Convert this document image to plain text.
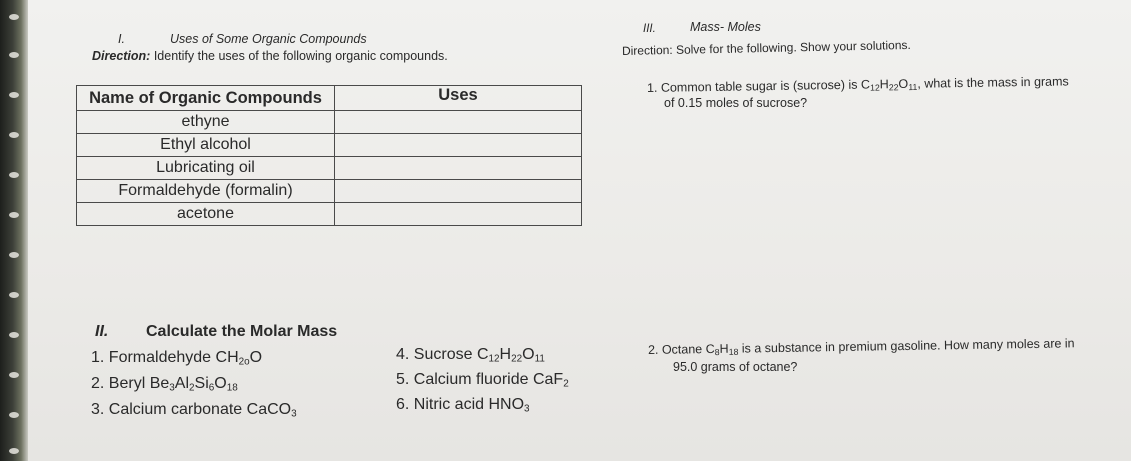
I.	Uses of Some Organic Compounds
Direction: Identify the uses of the following organic compounds.
Name of Organic Compounds	Uses
ethyne	
Ethyl alcohol	
Lubricating oil	
Formaldehyde (formalin)	
acetone	
II. Calculate the Molar Mass
1. Formaldehyde $CH_{2o}O$
2. Beryl $Be_3Al_2Si_6O_{18}$
3. Calcium carbonate CaCO$_3$
4. Sucrose $C_{12}H_{22}O_{11}$
5. Calcium fluoride CaF$_2$
6. Nitric acid $HNO_3$
III.	Mass- Moles
Direction: Solve for the following. Show your solutions.
1. Common table sugar is (sucrose) is $C_{12}H_{22}O_{11}$, what is the mass in grams
of 0.15 moles of sucrose?
2. Octane $C_8H_{18}$ is a substance in premium gasoline. How many moles are in
95.0 grams of octane?
